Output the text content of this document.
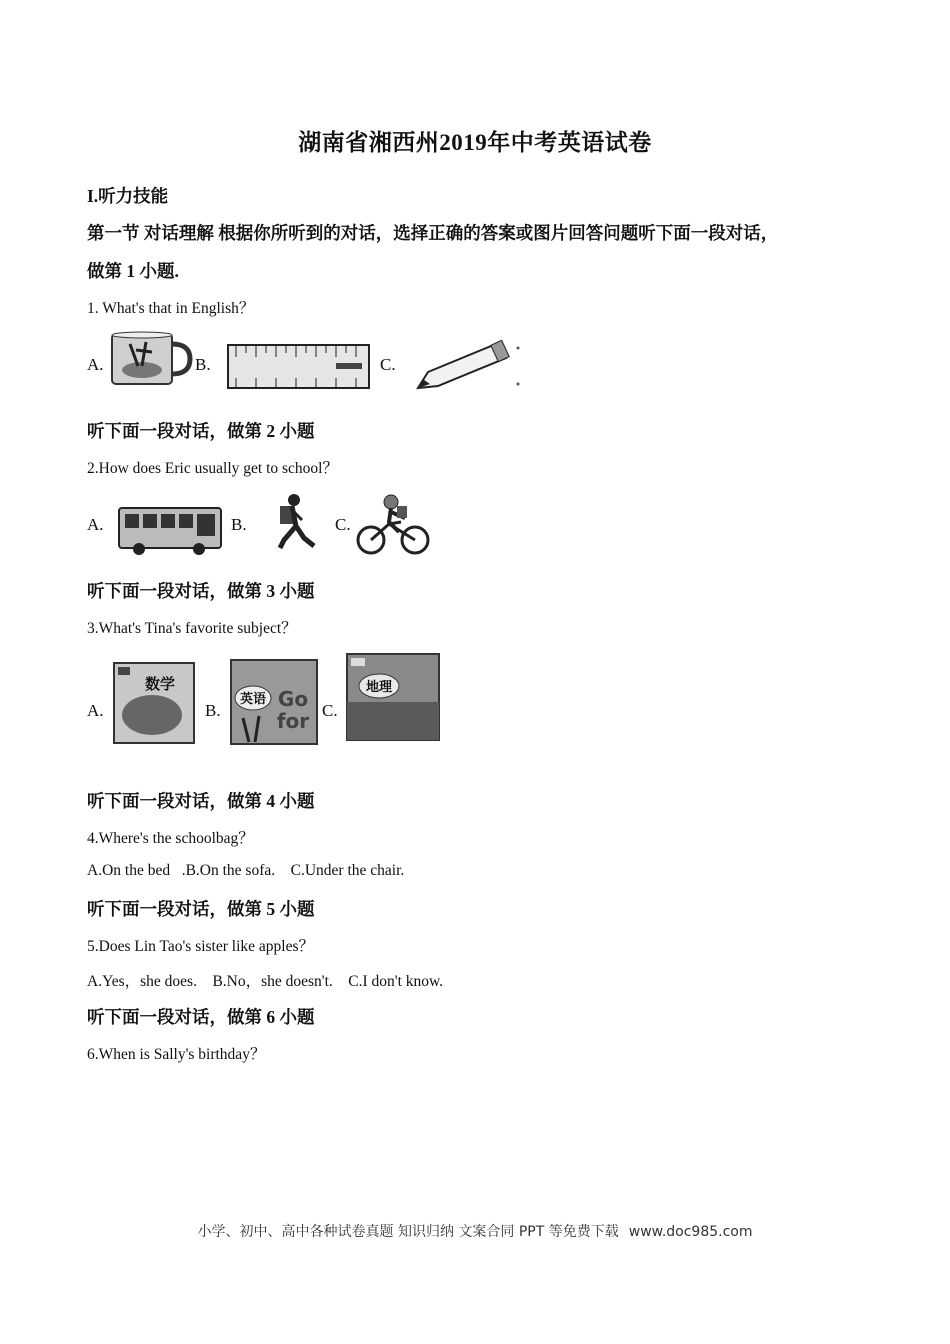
湖南省湘西州2019年中考英语试卷
I.听力技能
第一节 对话理解 根据你所听到的对话，选择正确的答案或图片回答问题听下面一段对话，
做第 1 小题.
1. What's that in English？
A.	B.	C.
听下面一段对话，做第 2 小题
2.How does Eric usually get to school？
A.	B.	C.
听下面一段对话，做第 3 小题
3.What's Tina's favorite subject？
A.
数学
B.
英语 Go
for C.
地理
听下面一段对话，做第 4 小题
4.Where's the schoolbag？
A.On the bed   .B.On the sofa.    C.Under the chair.
听下面一段对话，做第 5 小题
5.Does Lin Tao's sister like apples？
A.Yes，she does.    B.No，she doesn't.    C.I don't know.
听下面一段对话，做第 6 小题
6.When is Sally's birthday？
小学、初中、高中各种试卷真题 知识归纳 文案合同 PPT 等免费下载 www.doc985.com
